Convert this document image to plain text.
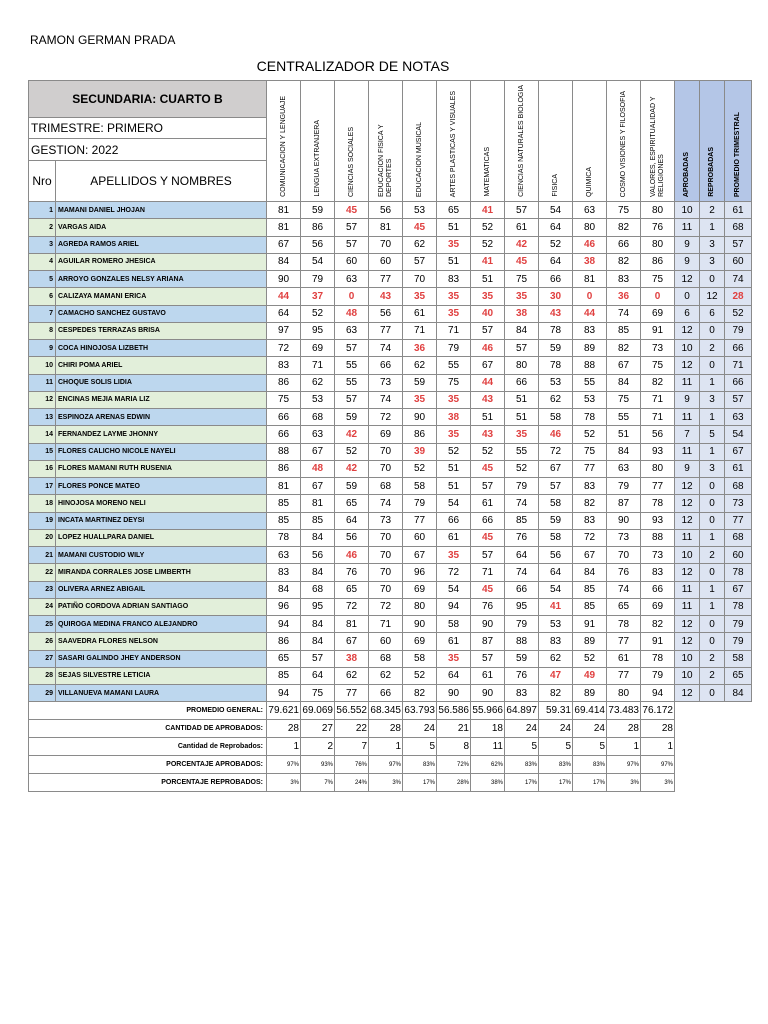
RAMON GERMAN PRADA
CENTRALIZADOR DE NOTAS
SECUNDARIA: CUARTO B		COMUNICACION Y LENGUAJE	LENGUA EXTRANJERA	CIENCIAS SOCIALES	EDUCACION FISICA Y DEPORTES	EDUCACION MUSICAL	ARTES PLASTICAS Y VISUALES	MATEMATICAS	CIENCIAS NATURALES BIOLOGIA	FISICA	QUIMICA	COSMO VISIONES Y FILOSOFIA	VALORES, ESPIRITUALIDAD Y RELIGIONES	APROBADAS	REPROBADAS	PROMEDIO TRIMESTRAL

TRIMESTRE: PRIMERO																
GESTION: 2022																
Nro	APELLIDOS Y NOMBRES															
1	MAMANI DANIEL JHOJAN	81	59	45	56	53	65	41	57	54	63	75	80	10	2	61
2	VARGAS AIDA	81	86	57	81	45	51	52	61	64	80	82	76	11	1	68
3	AGREDA RAMOS ARIEL	67	56	57	70	62	35	52	42	52	46	66	80	9	3	57
4	AGUILAR ROMERO JHESICA	84	54	60	60	57	51	41	45	64	38	82	86	9	3	60
5	ARROYO GONZALES NELSY ARIANA	90	79	63	77	70	83	51	75	66	81	83	75	12	0	74
6	CALIZAYA MAMANI ERICA	44	37	0	43	35	35	35	35	30	0	36	0	0	12	28
7	CAMACHO SANCHEZ GUSTAVO	64	52	48	56	61	35	40	38	43	44	74	69	6	6	52
8	CESPEDES TERRAZAS BRISA	97	95	63	77	71	71	57	84	78	83	85	91	12	0	79
9	COCA HINOJOSA LIZBETH	72	69	57	74	36	79	46	57	59	89	82	73	10	2	66
10	CHIRI POMA ARIEL	83	71	55	66	62	55	67	80	78	88	67	75	12	0	71
11	CHOQUE SOLIS LIDIA	86	62	55	73	59	75	44	66	53	55	84	82	11	1	66
12	ENCINAS MEJIA MARIA LIZ	75	53	57	74	35	35	43	51	62	53	75	71	9	3	57
13	ESPINOZA ARENAS EDWIN	66	68	59	72	90	38	51	51	58	78	55	71	11	1	63
14	FERNANDEZ LAYME JHONNY	66	63	42	69	86	35	43	35	46	52	51	56	7	5	54
15	FLORES CALICHO NICOLE NAYELI	88	67	52	70	39	52	52	55	72	75	84	93	11	1	67
16	FLORES MAMANI RUTH RUSENIA	86	48	42	70	52	51	45	52	67	77	63	80	9	3	61
17	FLORES PONCE MATEO	81	67	59	68	58	51	57	79	57	83	79	77	12	0	68
18	HINOJOSA MORENO NELI	85	81	65	74	79	54	61	74	58	82	87	78	12	0	73
19	INCATA MARTINEZ DEYSI	85	85	64	73	77	66	66	85	59	83	90	93	12	0	77
20	LOPEZ HUALLPARA DANIEL	78	84	56	70	60	61	45	76	58	72	73	88	11	1	68
21	MAMANI CUSTODIO WILY	63	56	46	70	67	35	57	64	56	67	70	73	10	2	60
22	MIRANDA CORRALES JOSE LIMBERTH	83	84	76	70	96	72	71	74	64	84	76	83	12	0	78
23	OLIVERA ARNEZ ABIGAIL	84	68	65	70	69	54	45	66	54	85	74	66	11	1	67
24	PATIÑO CORDOVA ADRIAN SANTIAGO	96	95	72	72	80	94	76	95	41	85	65	69	11	1	78
25	QUIROGA MEDINA FRANCO ALEJANDRO	94	84	81	71	90	58	90	79	53	91	78	82	12	0	79
26	SAAVEDRA FLORES NELSON	86	84	67	60	69	61	87	88	83	89	77	91	12	0	79
27	SASARI GALINDO JHEY ANDERSON	65	57	38	68	58	35	57	59	62	52	61	78	10	2	58
28	SEJAS SILVESTRE LETICIA	85	64	62	62	52	64	61	76	47	49	77	79	10	2	65
29	VILLANUEVA MAMANI LAURA	94	75	77	66	82	90	90	83	82	89	80	94	12	0	84
PROMEDIO GENERAL:		79.621	69.069	56.552	68.345	63.793	56.586	55.966	64.897	59.31	69.414	73.483	76.172			
CANTIDAD DE APROBADOS:		28	27	22	28	24	21	18	24	24	24	28	28			
Cantidad de Reprobados:		1	2	7	1	5	8	11	5	5	5	1	1			
PORCENTAJE APROBADOS:		97%	93%	76%	97%	83%	72%	62%	83%	83%	83%	97%	97%			
PORCENTAJE REPROBADOS:		3%	7%	24%	3%	17%	28%	38%	17%	17%	17%	3%	3%			
